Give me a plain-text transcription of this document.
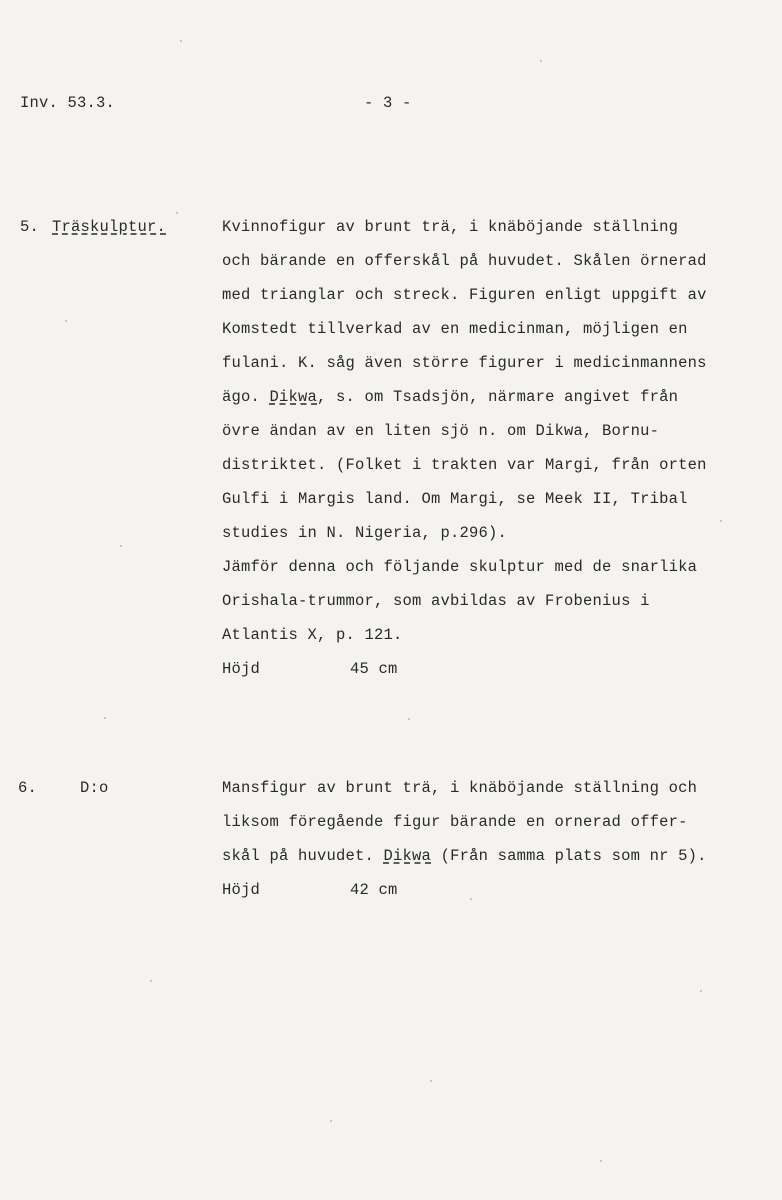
Inv. 53.3.	- 3 -
5. Träskulptur.	Kvinnofigur av brunt trä, i knäböjande ställning
och bärande en offerskål på huvudet. Skålen örnerad
med trianglar och streck. Figuren enligt uppgift av
Komstedt tillverkad av en medicinman, möjligen en
fulani. K. såg även större figurer i medicinmannens
ägo. Dikwa, s. om Tsadsjön, närmare angivet från
övre ändan av en liten sjö n. om Dikwa, Bornu-
distriktet. (Folket i trakten var Margi, från orten
Gulfi i Margis land. Om Margi, se Meek II, Tribal
studies in N. Nigeria, p.296).
Jämför denna och följande skulptur med de snarlika
Orishala-trummor, som avbildas av Frobenius i
Atlantis X, p. 121.
Höjd	45 cm
6.	D:o	Mansfigur av brunt trä, i knäböjande ställning och
liksom föregående figur bärande en ornerad offer-
skål på huvudet. Dikwa (Från samma plats som nr 5).
Höjd	42 cm
